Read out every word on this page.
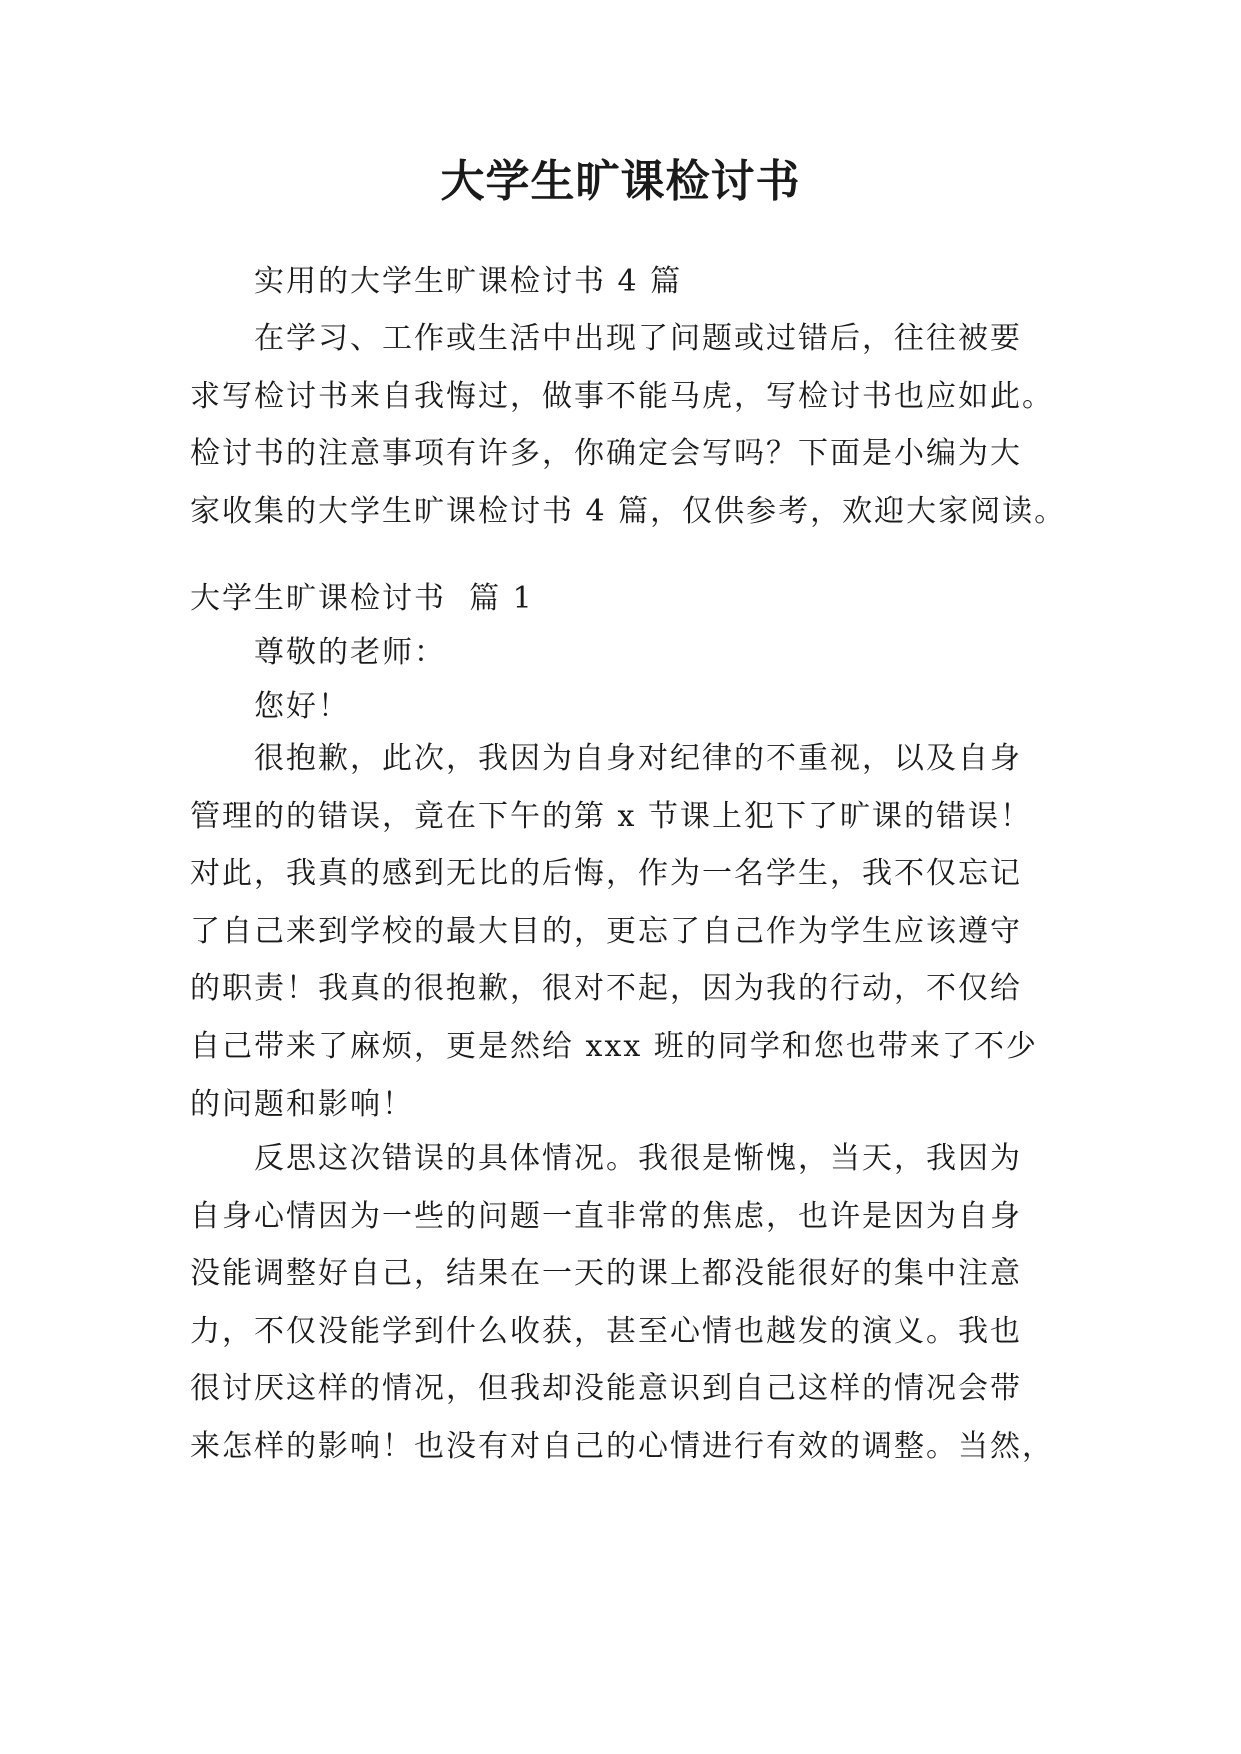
大学生旷课检讨书

实用的大学生旷课检讨书 4 篇

在学习、工作或生活中出现了问题或过错后，往往被要
求写检讨书来自我悔过，做事不能马虎，写检讨书也应如此。
检讨书的注意事项有许多，你确定会写吗？下面是小编为大
家收集的大学生旷课检讨书 4 篇，仅供参考，欢迎大家阅读。
大学生旷课检讨书  篇 1
尊敬的老师：
您好！
很抱歉，此次，我因为自身对纪律的不重视，以及自身
管理的的错误，竟在下午的第 x 节课上犯下了旷课的错误！
对此，我真的感到无比的后悔，作为一名学生，我不仅忘记
了自己来到学校的最大目的，更忘了自己作为学生应该遵守
的职责！我真的很抱歉，很对不起，因为我的行动，不仅给
自己带来了麻烦，更是然给 xxx 班的同学和您也带来了不少
的问题和影响！
反思这次错误的具体情况。我很是惭愧，当天，我因为
自身心情因为一些的问题一直非常的焦虑，也许是因为自身
没能调整好自己，结果在一天的课上都没能很好的集中注意
力，不仅没能学到什么收获，甚至心情也越发的演义。我也
很讨厌这样的情况，但我却没能意识到自己这样的情况会带
来怎样的影响！也没有对自己的心情进行有效的调整。当然，
